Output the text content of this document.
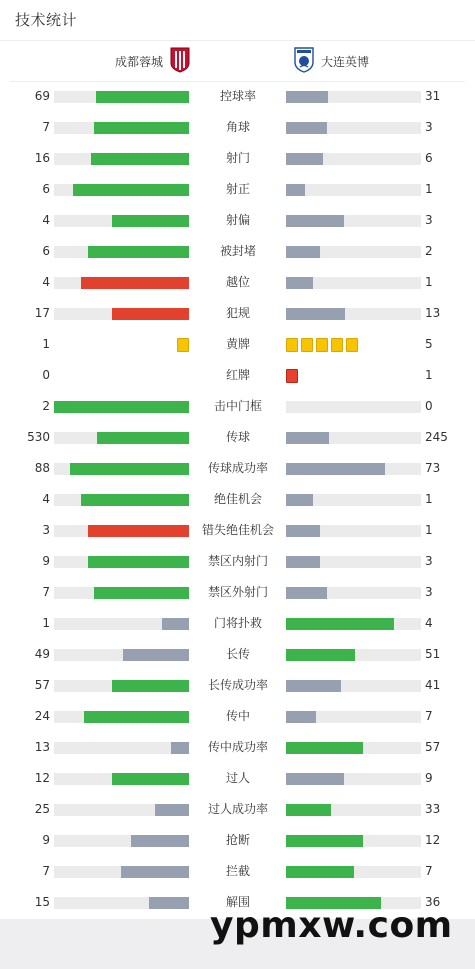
技术统计
成都蓉城	大连英博
69	控球率	31
7	角球	3
16	射门	6
6	射正	1
4	射偏	3
6	被封堵	2
4	越位	1
17	犯规	13
1	黄牌	5
0	红牌	1
2	击中门框	0
530	传球	245
88	传球成功率	73
4	绝佳机会	1
3	错失绝佳机会	1
9	禁区内射门	3
7	禁区外射门	3
1	门将扑救	4
49	长传	51
57	长传成功率	41
24	传中	7
13	传中成功率	57
12	过人	9
25	过人成功率	33
9	抢断	12
7	拦截	7
15	解围	36
ypmxw.com
